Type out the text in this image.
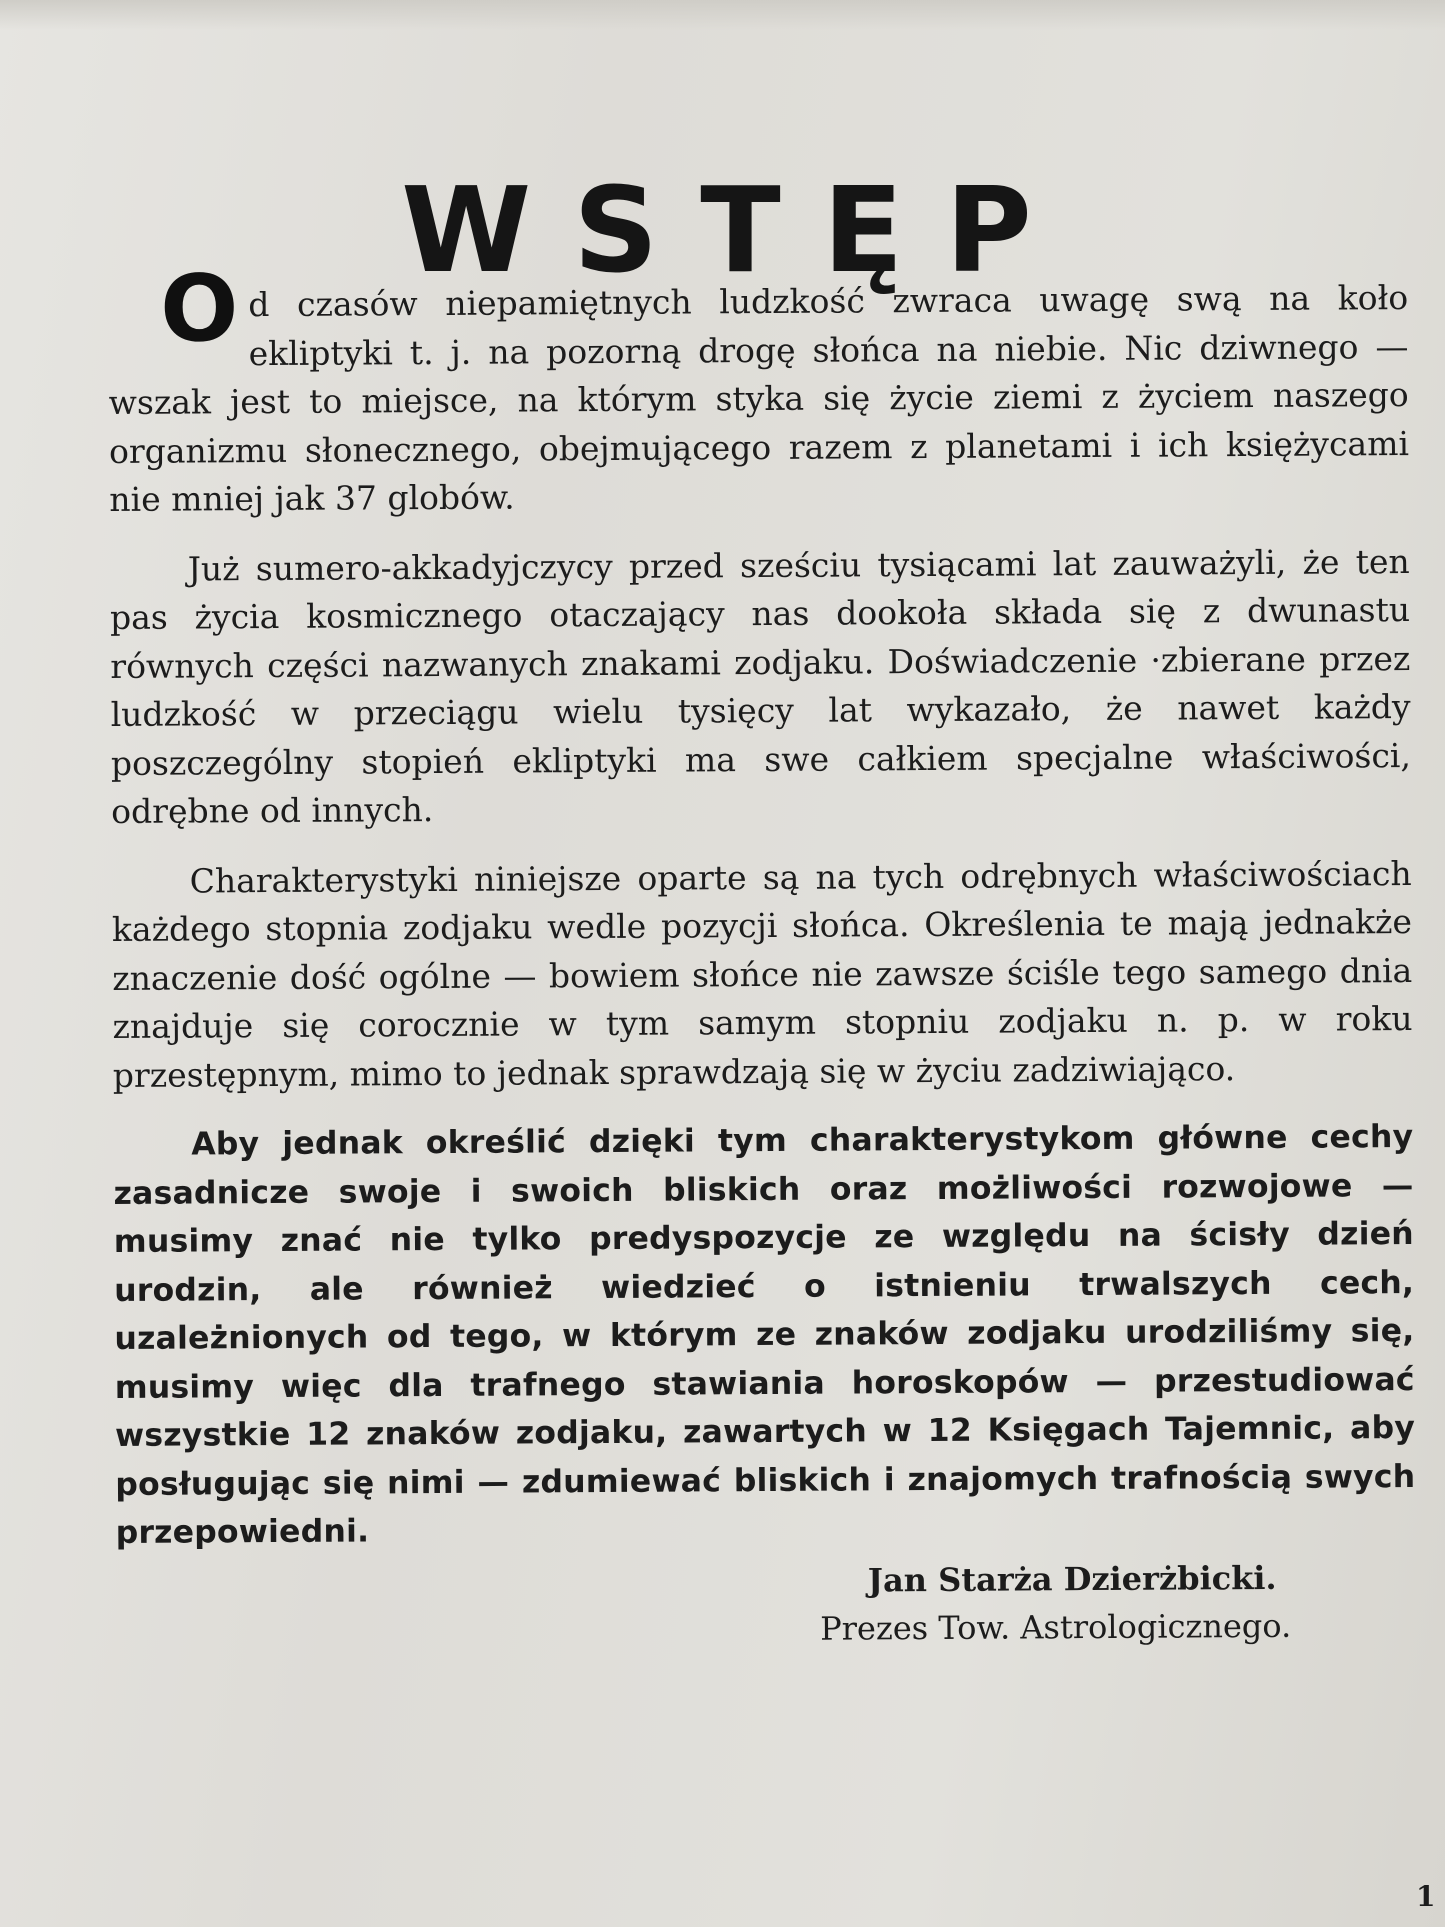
WSTĘP

Od czasów niepamiętnych ludzkość zwraca uwagę swą na koło ekliptyki t. j. na pozorną drogę słońca na niebie. Nic dziwnego — wszak jest to miejsce, na którym styka się życie ziemi z życiem naszego organizmu słonecznego, obejmującego razem z planetami i ich księżycami nie mniej jak 37 globów.

Już sumero-akkadyjczycy przed sześciu tysiącami lat zauważyli, że ten pas życia kosmicznego otaczający nas dookoła składa się z dwunastu równych części nazwanych znakami zodjaku. Doświadczenie ·zbierane przez ludzkość w przeciągu wielu tysięcy lat wykazało, że nawet każdy poszczególny stopień ekliptyki ma swe całkiem specjalne właściwości, odrębne od innych.

Charakterystyki niniejsze oparte są na tych odrębnych właściwościach każdego stopnia zodjaku wedle pozycji słońca. Określenia te mają jednakże znaczenie dość ogólne — bowiem słońce nie zawsze ściśle tego samego dnia znajduje się corocznie w tym samym stopniu zodjaku n. p. w roku przestępnym, mimo to jednak sprawdzają się w życiu zadziwiająco.

Aby jednak określić dzięki tym charakterystykom główne cechy zasadnicze swoje i swoich bliskich oraz możliwości rozwojowe — musimy znać nie tylko predyspozycje ze względu na ścisły dzień urodzin, ale również wiedzieć o istnieniu trwalszych cech, uzależnionych od tego, w którym ze znaków zodjaku urodziliśmy się, musimy więc dla trafnego stawiania horoskopów — przestudiować wszystkie 12 znaków zodjaku, zawartych w 12 Księgach Tajemnic, aby posługując się nimi — zdumiewać bliskich i znajomych trafnością swych przepowiedni.

Jan Starża Dzierżbicki.
Prezes Tow. Astrologicznego.
1
